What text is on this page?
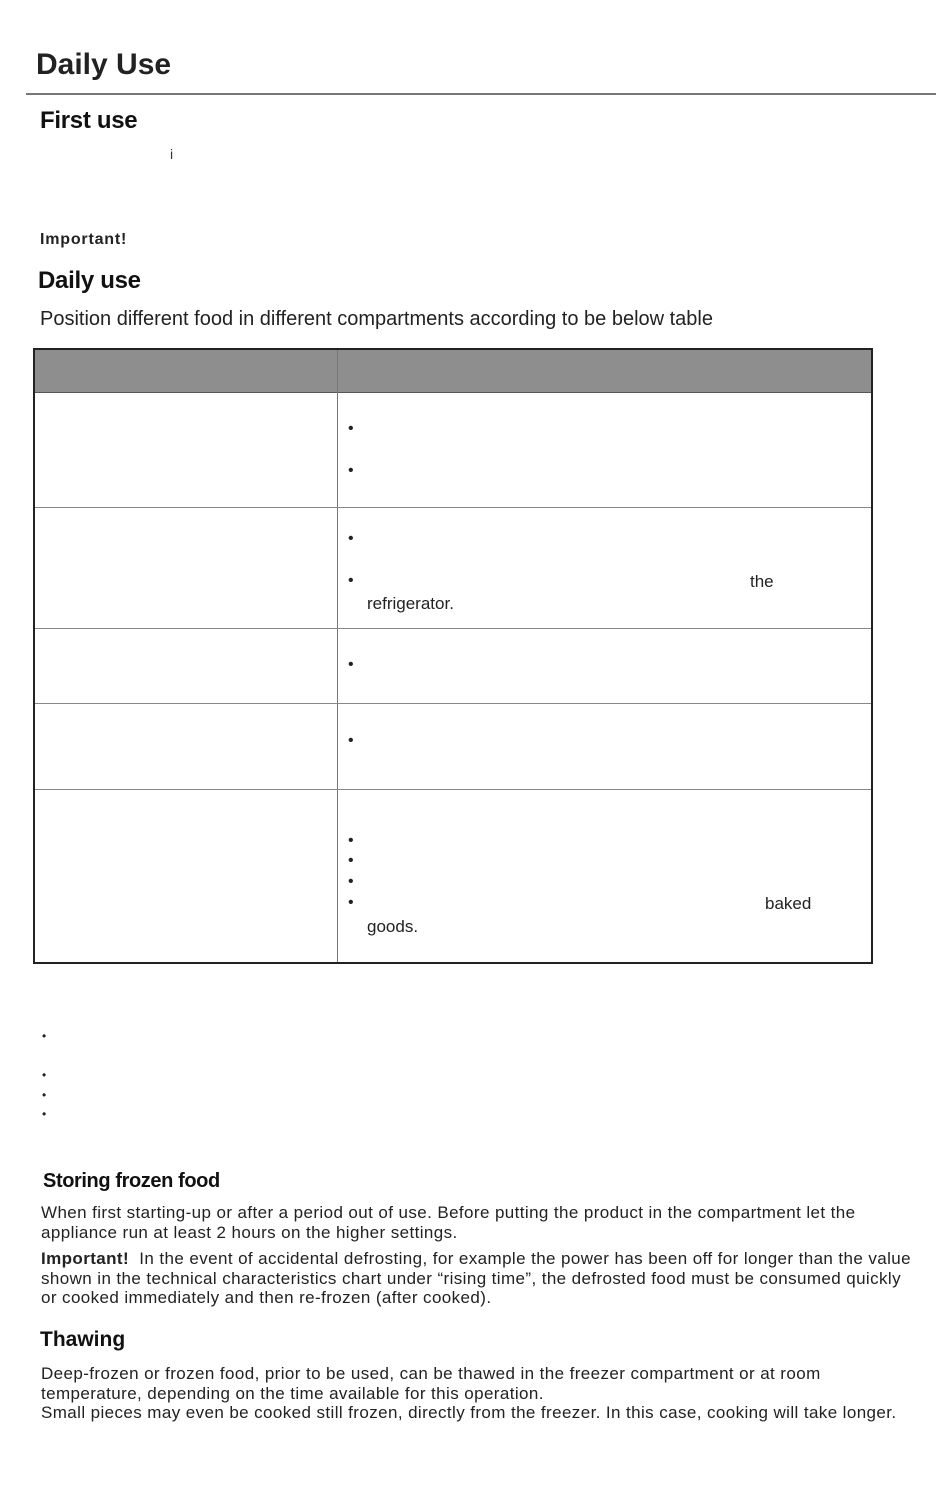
Daily Use
First use
i
Important!
Daily use
Position different food in different compartments according to be below table
•
•
•
•	the
refrigerator.
•
•
•
•
•
•	baked
goods.
•
•
•
•
Storing frozen food
When first starting-up or after a period out of use. Before putting the product in the compartment let the appliance run at least 2 hours on the higher settings.
Important! In the event of accidental defrosting, for example the power has been off for longer than the value shown in the technical characteristics chart under “rising time”, the defrosted food must be consumed quickly or cooked immediately and then re-frozen (after cooked).
Thawing
Deep-frozen or frozen food, prior to be used, can be thawed in the freezer compartment or at room temperature, depending on the time available for this operation.
Small pieces may even be cooked still frozen, directly from the freezer. In this case, cooking will take longer.
